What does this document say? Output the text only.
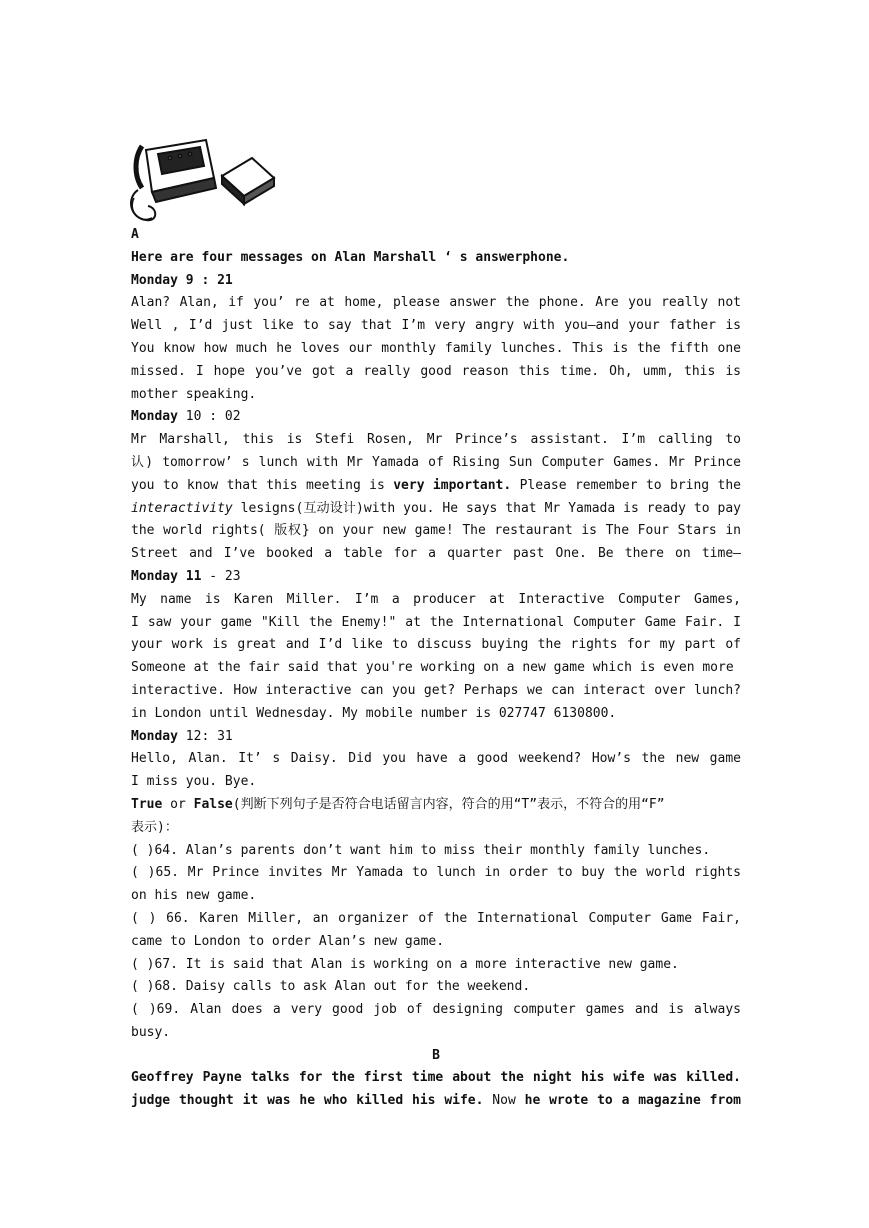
A
Here are four messages on Alan Marshall ‘ s answerphone.
Monday 9 : 21
Alan? Alan, if you’ re at home, please answer the phone. Are you really not
Well , I’d just like to say that I’m very angry with you—and your father is
You know how much he loves our monthly family lunches. This is the fifth one
missed. I hope you’ve got a really good reason this time. Oh, umm, this is
mother speaking.
Monday 10 : 02
Mr Marshall, this is Stefi Rosen, Mr Prince’s assistant. I’m calling to
认) tomorrow’ s lunch with Mr Yamada of Rising Sun Computer Games. Mr Prince
you to know that this meeting is very important. Please remember to bring the
interactivity lesigns(互动设计)with you. He says that Mr Yamada is ready to pay
the world rights( 版权} on your new game! The restaurant is The Four Stars in
Street and I’ve booked a table for a quarter past One. Be there on time—
Monday 11 - 23
My name is Karen Miller. I’m a producer at Interactive Computer Games,
I saw your game "Kill the Enemy!" at the International Computer Game Fair. I
your work is great and I’d like to discuss buying the rights for my part of
Someone at the fair said that you're working on a new game which is even more
interactive. How interactive can you get? Perhaps we can interact over lunch?
in London until Wednesday. My mobile number is 027747 6130800.
Monday 12: 31
Hello, Alan. It’ s Daisy. Did you have a good weekend? How’s the new game
I miss you. Bye.
True or False(判断下列句子是否符合电话留言内容，符合的用“T”表示，不符合的用“F”
表示)：
( )64. Alan’s parents don’t want him to miss their monthly family lunches.
( )65. Mr Prince invites Mr Yamada to lunch in order to buy the world rights
on his new game.
( ) 66. Karen Miller, an organizer of the International Computer Game Fair,
came to London to order Alan’s new game.
( )67. It is said that Alan is working on a more interactive new game.
( )68. Daisy calls to ask Alan out for the weekend.
( )69. Alan does a very good job of designing computer games and is always
busy.
B
Geoffrey Payne talks for the first time about the night his wife was killed.
judge thought it was he who killed his wife. Now he wrote to a magazine from
